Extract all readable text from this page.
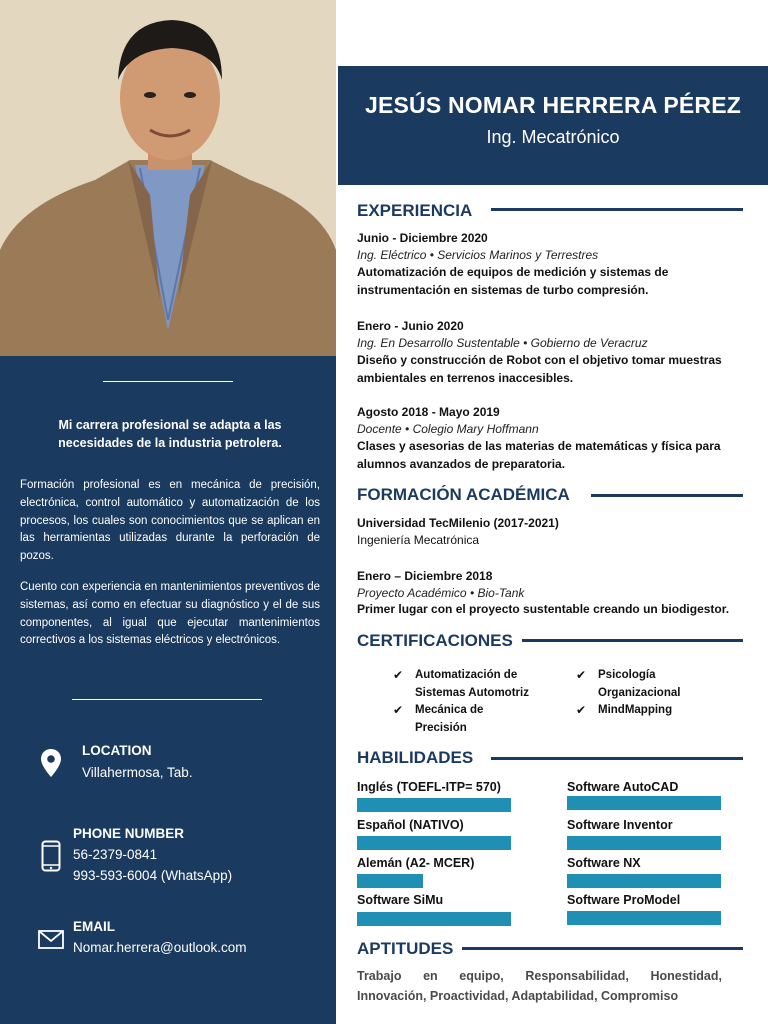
Mi carrera profesional se adapta a las necesidades de la industria petrolera.
Formación profesional es en mecánica de precisión, electrónica, control automático y automatización de los procesos, los cuales son conocimientos que se aplican en las herramientas utilizadas durante la perforación de pozos.
Cuento con experiencia en mantenimientos preventivos de sistemas, así como en efectuar su diagnóstico y el de sus componentes, al igual que ejecutar mantenimientos correctivos a los sistemas eléctricos y electrónicos.
LOCATION
Villahermosa, Tab.
PHONE NUMBER
56-2379-0841
993-593-6004 (WhatsApp)
EMAIL
Nomar.herrera@outlook.com
JESÚS NOMAR HERRERA PÉREZ
Ing. Mecatrónico
EXPERIENCIA
Junio - Diciembre 2020
Ing. Eléctrico • Servicios Marinos y Terrestres
Automatización de equipos de medición y sistemas de instrumentación en sistemas de turbo compresión.
Enero - Junio 2020
Ing. En Desarrollo Sustentable • Gobierno de Veracruz
Diseño y construcción de Robot con el objetivo tomar muestras ambientales en terrenos inaccesibles.
Agosto 2018 - Mayo 2019
Docente • Colegio Mary Hoffmann
Clases y asesorias de las materias de matemáticas y física para alumnos avanzados de preparatoria.
FORMACIÓN ACADÉMICA
Universidad TecMilenio (2017-2021)
Ingeniería Mecatrónica
Enero – Diciembre 2018
Proyecto Académico • Bio-Tank
Primer lugar con el proyecto sustentable creando un biodigestor.
CERTIFICACIONES
✔ Automatización de
Sistemas Automotriz
✔ Mecánica de
Precisión
✔ Psicología
Organizacional
✔ MindMapping
HABILIDADES
Inglés (TOEFL-ITP= 570)
Español (NATIVO)
Alemán (A2- MCER)
Software SiMu
Software AutoCAD
Software Inventor
Software NX
Software ProModel
APTITUDES
Trabajo en equipo, Responsabilidad, Honestidad, Innovación, Proactividad, Adaptabilidad, Compromiso
